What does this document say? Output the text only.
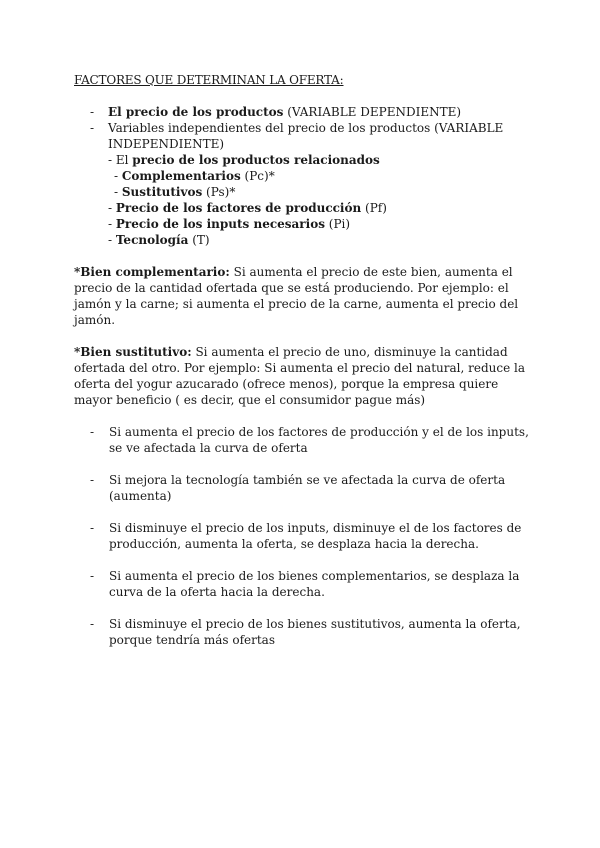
FACTORES QUE DETERMINAN LA OFERTA:
- El precio de los productos (VARIABLE DEPENDIENTE)
- Variables independientes del precio de los productos (VARIABLE INDEPENDIENTE)
- El precio de los productos relacionados
- Complementarios (Pc)*
- Sustitutivos (Ps)*
- Precio de los factores de producción (Pf)
- Precio de los inputs necesarios (Pi)
- Tecnología (T)

*Bien complementario: Si aumenta el precio de este bien, aumenta el precio de la cantidad ofertada que se está produciendo. Por ejemplo: el jamón y la carne; si aumenta el precio de la carne, aumenta el precio del jamón.

*Bien sustitutivo: Si aumenta el precio de uno, disminuye la cantidad ofertada del otro. Por ejemplo: Si aumenta el precio del natural, reduce la oferta del yogur azucarado (ofrece menos), porque la empresa quiere mayor beneficio ( es decir, que el consumidor pague más)

- Si aumenta el precio de los factores de producción y el de los inputs, se ve afectada la curva de oferta
- Si mejora la tecnología también se ve afectada la curva de oferta (aumenta)
- Si disminuye el precio de los inputs, disminuye el de los factores de producción, aumenta la oferta, se desplaza hacia la derecha.
- Si aumenta el precio de los bienes complementarios, se desplaza la curva de la oferta hacia la derecha.
- Si disminuye el precio de los bienes sustitutivos, aumenta la oferta, porque tendría más ofertas
